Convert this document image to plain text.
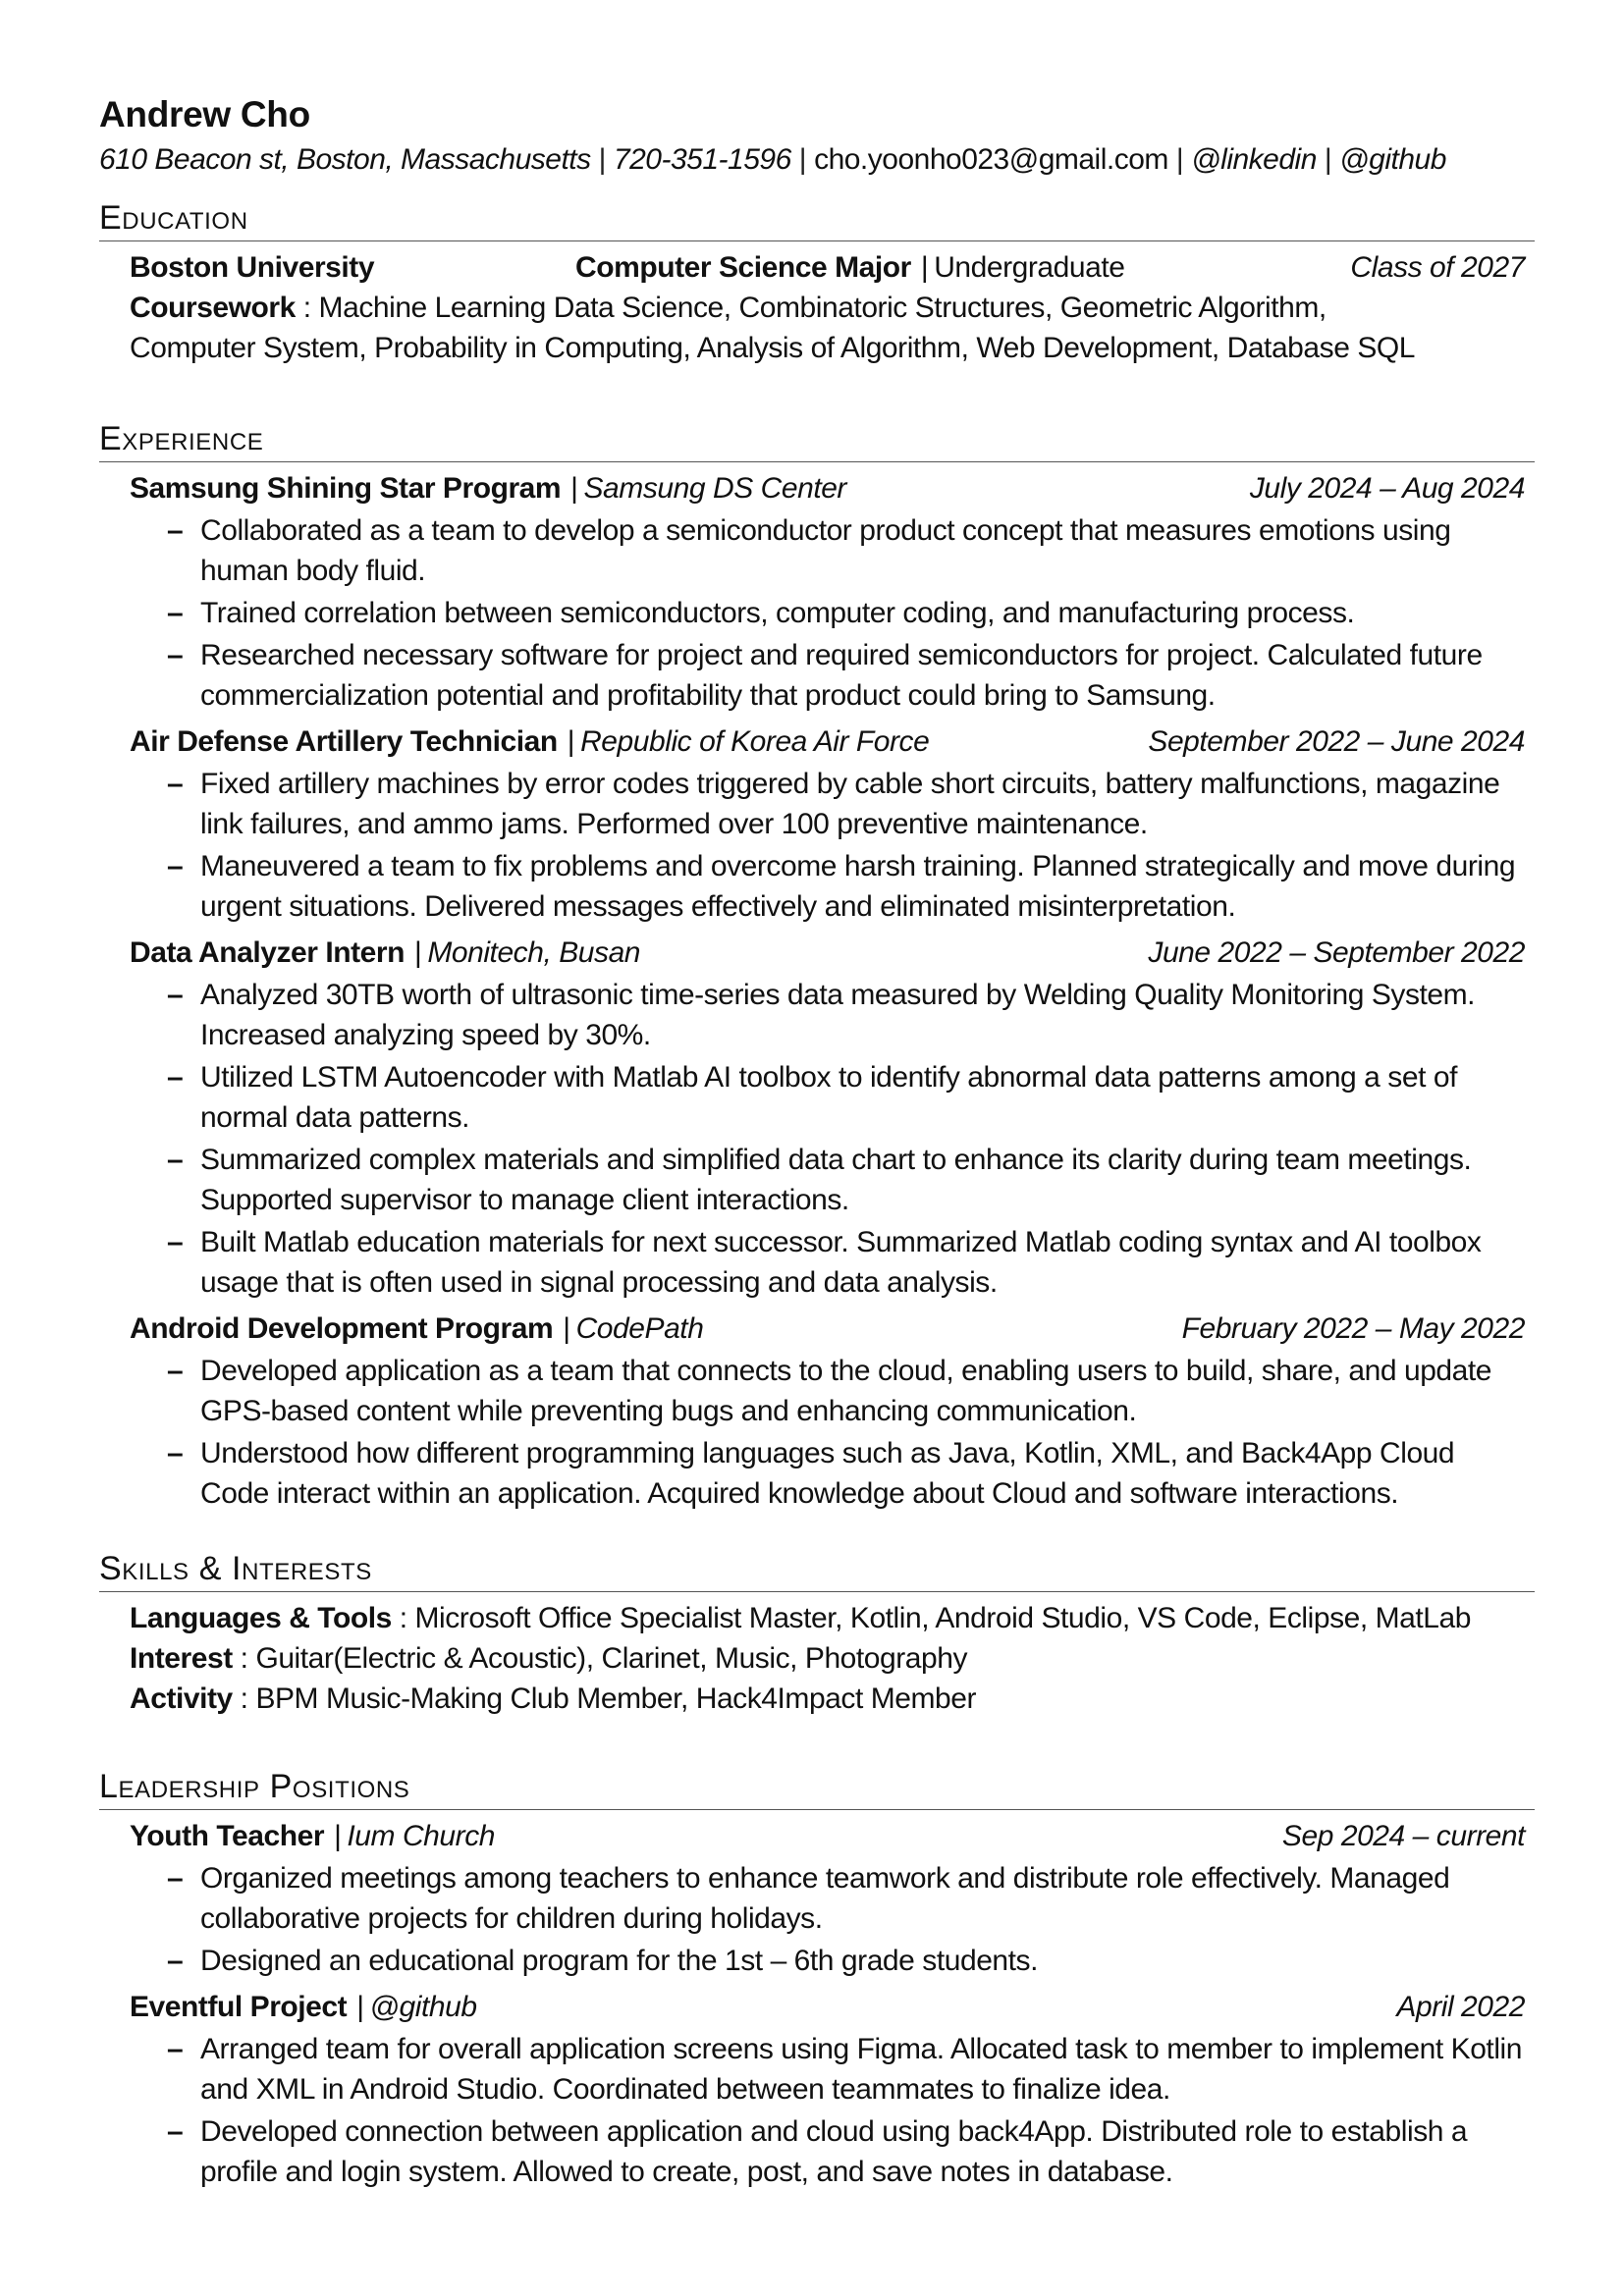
Andrew Cho
610 Beacon st, Boston, Massachusetts | 720-351-1596 | cho.yoonho023@gmail.com | @linkedin | @github
Education
Boston University	Computer Science Major | Undergraduate	Class of 2027
Coursework : Machine Learning Data Science, Combinatoric Structures, Geometric Algorithm,
Computer System, Probability in Computing, Analysis of Algorithm, Web Development, Database SQL
Experience
Samsung Shining Star Program | Samsung DS Center	July 2024 – Aug 2024
– Collaborated as a team to develop a semiconductor product concept that measures emotions using human body fluid.
– Trained correlation between semiconductors, computer coding, and manufacturing process.
– Researched necessary software for project and required semiconductors for project. Calculated future commercialization potential and profitability that product could bring to Samsung.
Air Defense Artillery Technician | Republic of Korea Air Force	September 2022 – June 2024
– Fixed artillery machines by error codes triggered by cable short circuits, battery malfunctions, magazine link failures, and ammo jams. Performed over 100 preventive maintenance.
– Maneuvered a team to fix problems and overcome harsh training. Planned strategically and move during urgent situations. Delivered messages effectively and eliminated misinterpretation.
Data Analyzer Intern | Monitech, Busan	June 2022 – September 2022
– Analyzed 30TB worth of ultrasonic time-series data measured by Welding Quality Monitoring System. Increased analyzing speed by 30%.
– Utilized LSTM Autoencoder with Matlab AI toolbox to identify abnormal data patterns among a set of normal data patterns.
– Summarized complex materials and simplified data chart to enhance its clarity during team meetings. Supported supervisor to manage client interactions.
– Built Matlab education materials for next successor. Summarized Matlab coding syntax and AI toolbox usage that is often used in signal processing and data analysis.
Android Development Program | CodePath	February 2022 – May 2022
– Developed application as a team that connects to the cloud, enabling users to build, share, and update GPS-based content while preventing bugs and enhancing communication.
– Understood how different programming languages such as Java, Kotlin, XML, and Back4App Cloud Code interact within an application. Acquired knowledge about Cloud and software interactions.
Skills & Interests
Languages & Tools : Microsoft Office Specialist Master, Kotlin, Android Studio, VS Code, Eclipse, MatLab
Interest : Guitar(Electric & Acoustic), Clarinet, Music, Photography
Activity : BPM Music-Making Club Member, Hack4Impact Member
Leadership Positions
Youth Teacher | Ium Church	Sep 2024 – current
– Organized meetings among teachers to enhance teamwork and distribute role effectively. Managed collaborative projects for children during holidays.
– Designed an educational program for the 1st – 6th grade students.
Eventful Project | @github	April 2022
– Arranged team for overall application screens using Figma. Allocated task to member to implement Kotlin and XML in Android Studio. Coordinated between teammates to finalize idea.
– Developed connection between application and cloud using back4App. Distributed role to establish a profile and login system. Allowed to create, post, and save notes in database.
